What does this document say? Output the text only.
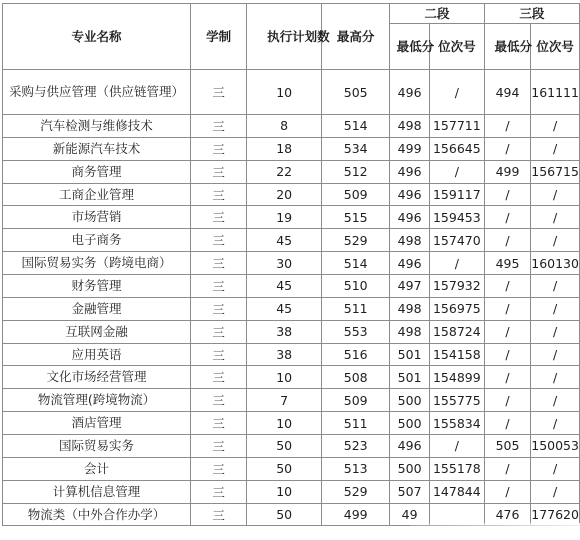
专业名称	学制	执行计划数	最高分	二段		三段	
				最低分	位次号	最低分	位次号
采购与供应管理（供应链管理）	三	10	505	496	/	494	161111
汽车检测与维修技术	三	8	514	498	157711	/	/
新能源汽车技术	三	18	534	499	156645	/	/
商务管理	三	22	512	496	/	499	156715
工商企业管理	三	20	509	496	159117	/	/
市场营销	三	19	515	496	159453	/	/
电子商务	三	45	529	498	157470	/	/
国际贸易实务（跨境电商）	三	30	514	496	/	495	160130
财务管理	三	45	510	497	157932	/	/
金融管理	三	45	511	498	156975	/	/
互联网金融	三	38	553	498	158724	/	/
应用英语	三	38	516	501	154158	/	/
文化市场经营管理	三	10	508	501	154899	/	/
物流管理(跨境物流）	三	7	509	500	155775	/	/
酒店管理	三	10	511	500	155834	/	/
国际贸易实务	三	50	523	496	/	505	150053
会计	三	50	513	500	155178	/	/
计算机信息管理	三	10	529	507	147844	/	/
物流类（中外合作办学）	三	50	499	49		476	177620
